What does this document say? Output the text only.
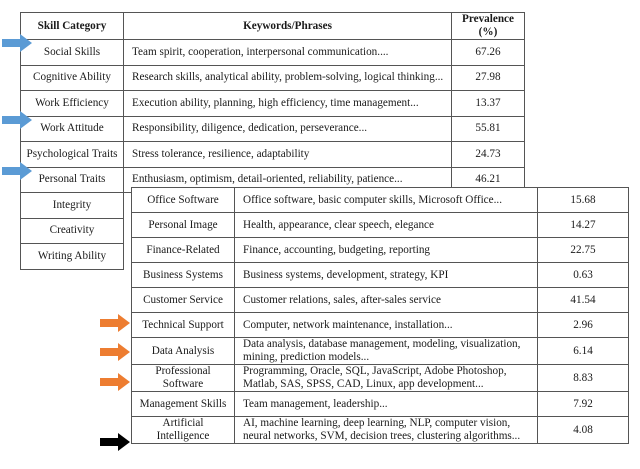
Skill Category	Keywords/Phrases	Prevalence (%)
Social Skills	Team spirit, cooperation, interpersonal communication....	67.26
Cognitive Ability	Research skills, analytical ability, problem-solving, logical thinking...	27.98
Work Efficiency	Execution ability, planning, high efficiency, time management...	13.37
Work Attitude	Responsibility, diligence, dedication, perseverance...	55.81
Psychological Traits	Stress tolerance, resilience, adaptability	24.73
Personal Traits	Enthusiasm, optimism, detail-oriented, reliability, patience...	46.21
Integrity		
Creativity		
Writing Ability		
Office Software	Office software, basic computer skills, Microsoft Office...	15.68
Personal Image	Health, appearance, clear speech, elegance	14.27
Finance-Related	Finance, accounting, budgeting, reporting	22.75
Business Systems	Business systems, development, strategy, KPI	0.63
Customer Service	Customer relations, sales, after-sales service	41.54
Technical Support	Computer, network maintenance, installation...	2.96
Data Analysis	Data analysis, database management, modeling, visualization, mining, prediction models...	6.14
Professional Software	Programming, Oracle, SQL, JavaScript, Adobe Photoshop, Matlab, SAS, SPSS, CAD, Linux, app development...	8.83
Management Skills	Team management, leadership...	7.92
Artificial Intelligence	AI, machine learning, deep learning, NLP, computer vision, neural networks, SVM, decision trees, clustering algorithms...	4.08
